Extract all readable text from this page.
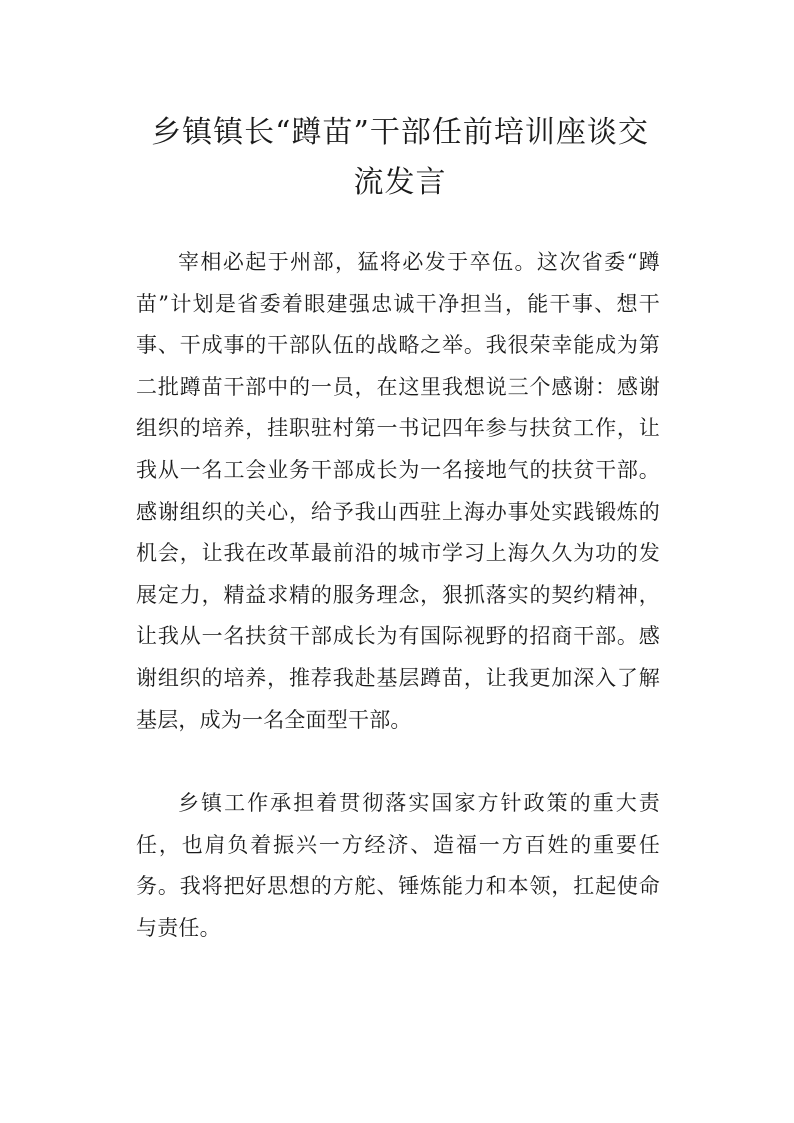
乡镇镇长“蹲苗”干部任前培训座谈交
流发言

宰相必起于州部，猛将必发于卒伍。这次省委“蹲苗”计划是省委着眼建强忠诚干净担当，能干事、想干事、干成事的干部队伍的战略之举。我很荣幸能成为第二批蹲苗干部中的一员，在这里我想说三个感谢：感谢组织的培养，挂职驻村第一书记四年参与扶贫工作，让我从一名工会业务干部成长为一名接地气的扶贫干部。感谢组织的关心，给予我山西驻上海办事处实践锻炼的机会，让我在改革最前沿的城市学习上海久久为功的发展定力，精益求精的服务理念，狠抓落实的契约精神，让我从一名扶贫干部成长为有国际视野的招商干部。感谢组织的培养，推荐我赴基层蹲苗，让我更加深入了解基层，成为一名全面型干部。

乡镇工作承担着贯彻落实国家方针政策的重大责任，也肩负着振兴一方经济、造福一方百姓的重要任务。我将把好思想的方舵、锤炼能力和本领，扛起使命与责任。
